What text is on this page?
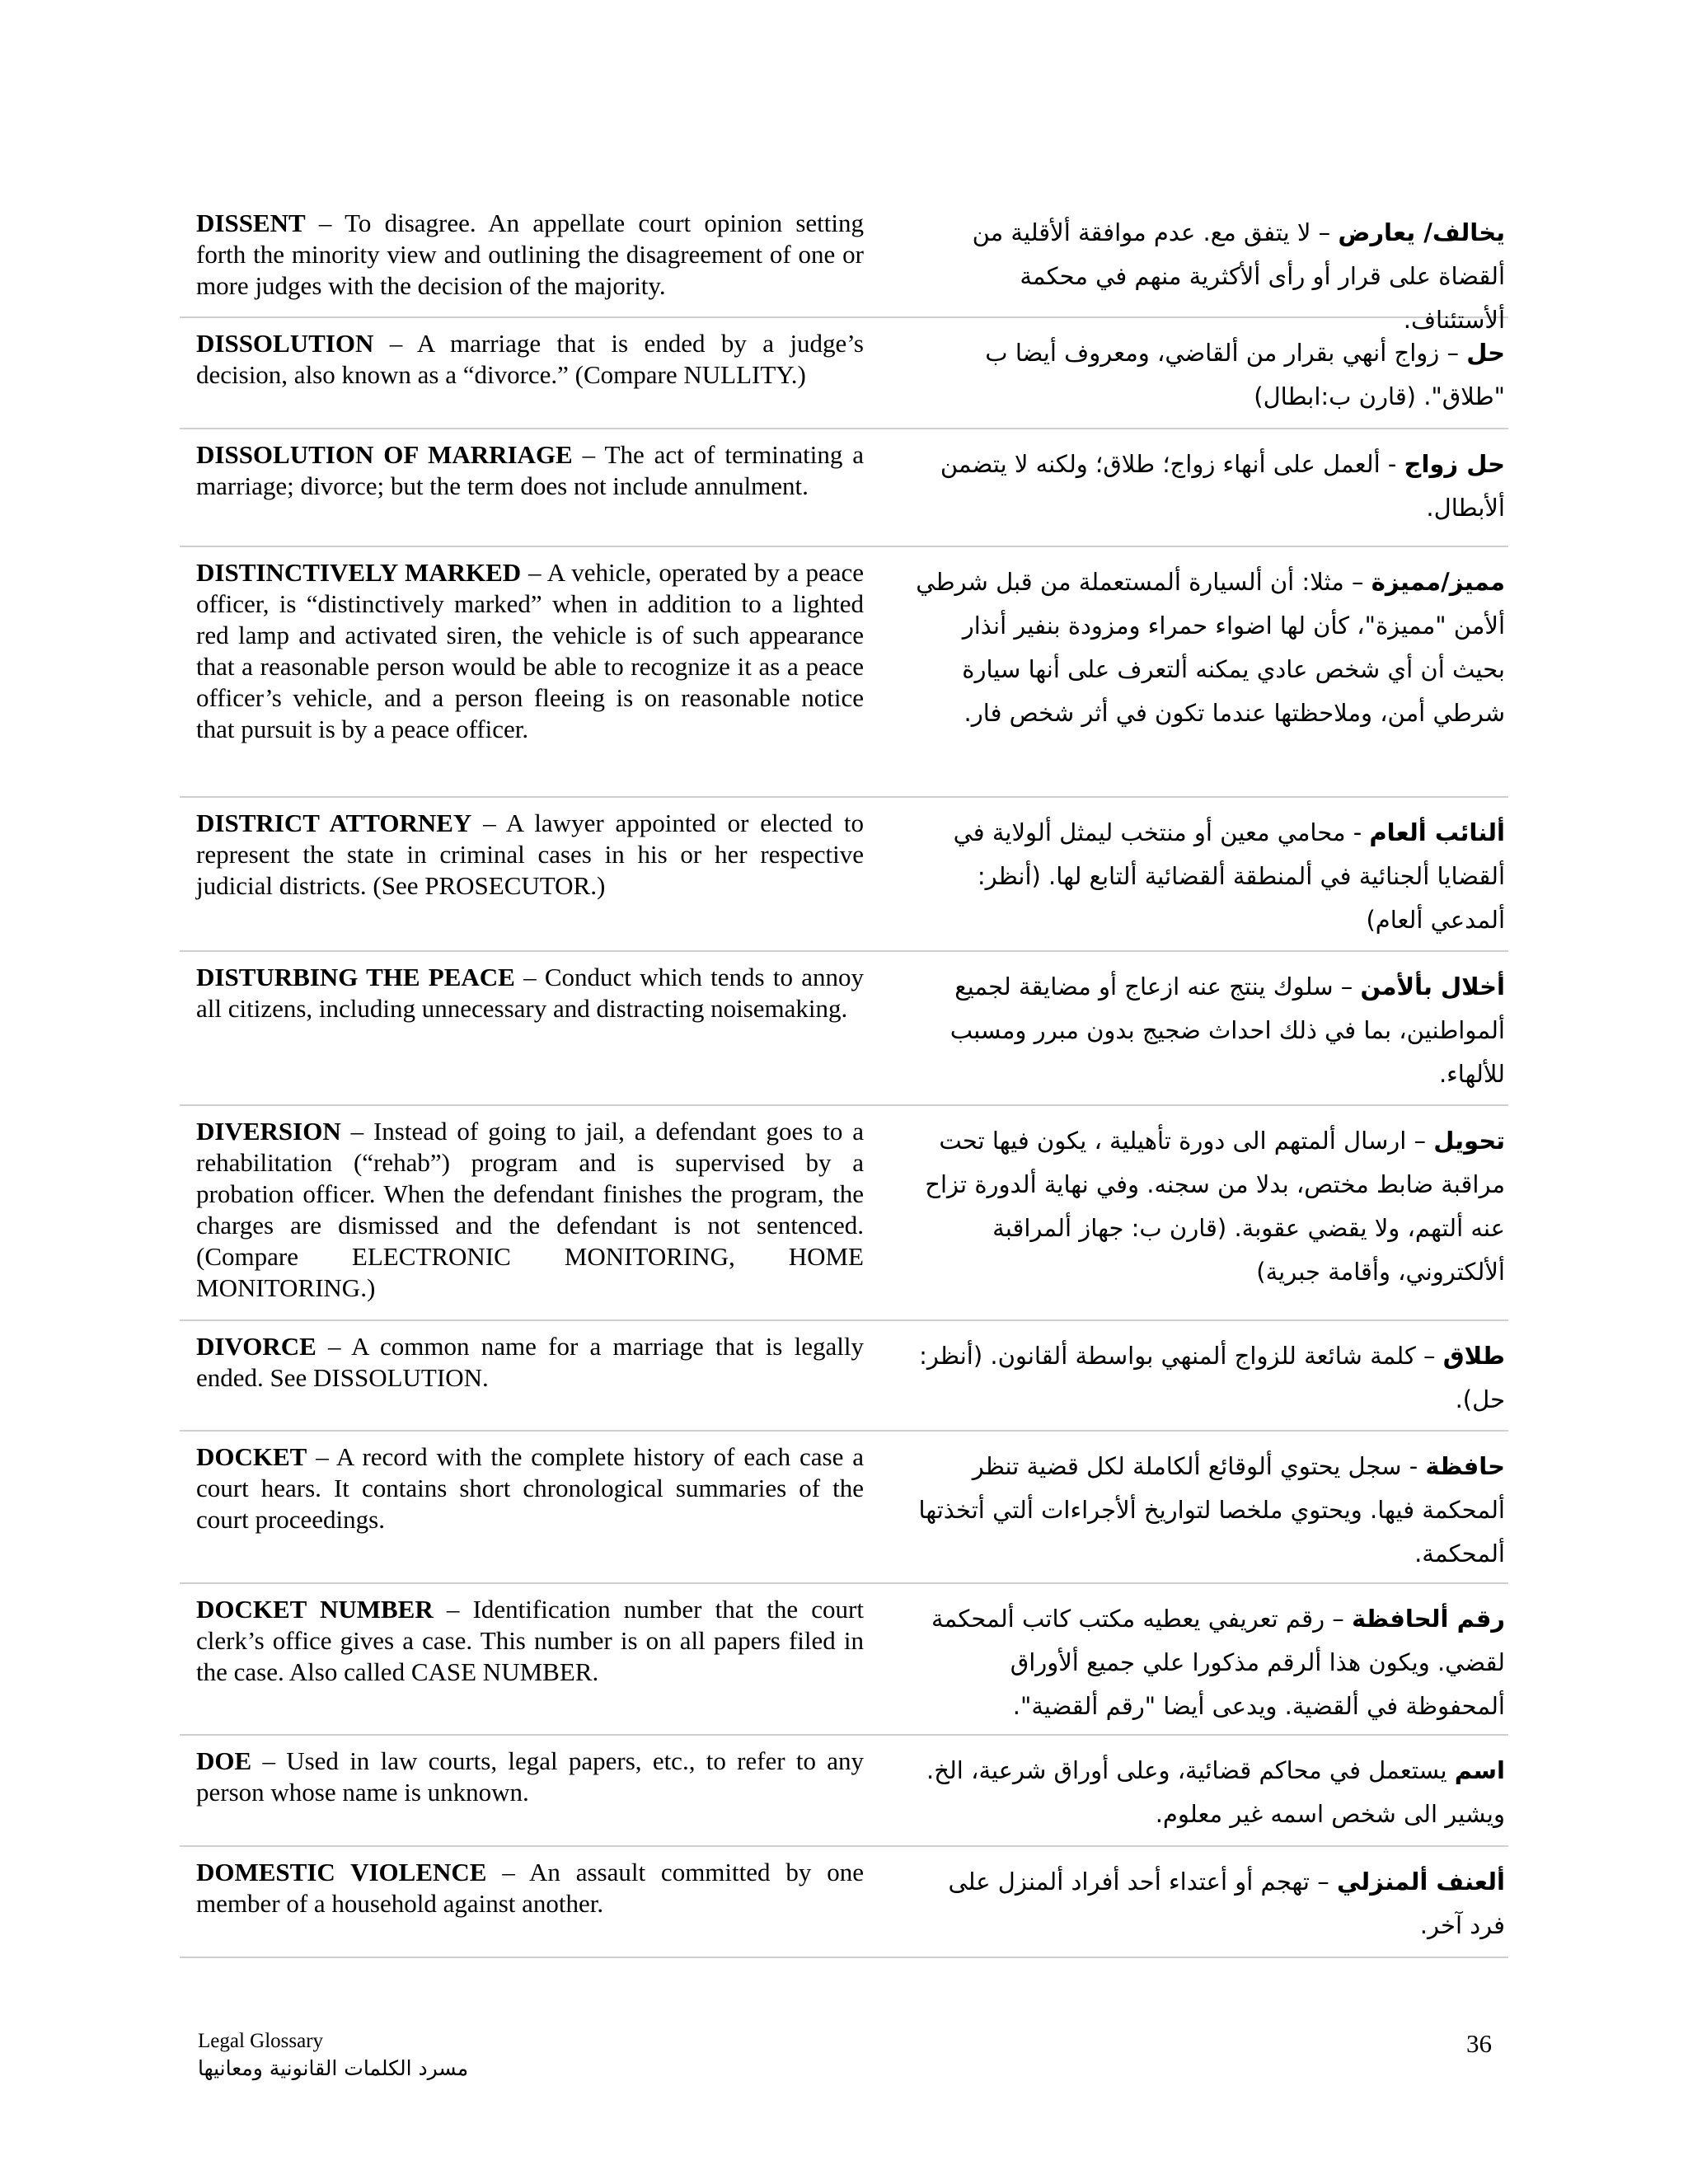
DISSENT – To disagree. An appellate court opinion setting forth the minority view and outlining the disagreement of one or more judges with the decision of the majority.
يخالف/ يعارض – لا يتفق مع. عدم موافقة ألأقلية من ألقضاة على قرار أو رأى ألأكثرية منهم في محكمة ألأستئناف.
DISSOLUTION – A marriage that is ended by a judge’s decision, also known as a “divorce.” (Compare NULLITY.)
حل – زواج أنهي بقرار من ألقاضي، ومعروف أيضا ب "طلاق". (قارن ب:ابطال)
DISSOLUTION OF MARRIAGE – The act of terminating a marriage; divorce; but the term does not include annulment.
حل زواج - ألعمل على أنهاء زواج؛ طلاق؛ ولكنه لا يتضمن ألأبطال.
DISTINCTIVELY MARKED – A vehicle, operated by a peace officer, is “distinctively marked” when in addition to a lighted red lamp and activated siren, the vehicle is of such appearance that a reasonable person would be able to recognize it as a peace officer’s vehicle, and a person fleeing is on reasonable notice that pursuit is by a peace officer.
مميز/مميزة – مثلا: أن ألسيارة ألمستعملة من قبل شرطي ألأمن "مميزة"، كأن لها اضواء حمراء ومزودة بنفير أنذار بحيث أن أي شخص عادي يمكنه ألتعرف على أنها سيارة شرطي أمن، وملاحظتها عندما تكون في أثر شخص فار.
DISTRICT ATTORNEY – A lawyer appointed or elected to represent the state in criminal cases in his or her respective judicial districts. (See PROSECUTOR.)
ألنائب ألعام - محامي معين أو منتخب ليمثل ألولاية في ألقضايا ألجنائية في ألمنطقة ألقضائية ألتابع لها. (أنظر: ألمدعي ألعام)
DISTURBING THE PEACE – Conduct which tends to annoy all citizens, including unnecessary and distracting noisemaking.
أخلال بألأمن – سلوك ينتج عنه ازعاج أو مضايقة لجميع ألمواطنين، بما في ذلك احداث ضجيج بدون مبرر ومسبب للألهاء.
DIVERSION – Instead of going to jail, a defendant goes to a rehabilitation (“rehab”) program and is supervised by a probation officer. When the defendant finishes the program, the charges are dismissed and the defendant is not sentenced. (Compare ELECTRONIC MONITORING, HOME MONITORING.)
تحويل – ارسال ألمتهم الى دورة تأهيلية ، يكون فيها تحت مراقبة ضابط مختص، بدلا من سجنه. وفي نهاية ألدورة تزاح عنه ألتهم، ولا يقضي عقوبة. (قارن ب: جهاز ألمراقبة ألألكتروني، وأقامة جبرية)
DIVORCE – A common name for a marriage that is legally ended. See DISSOLUTION.
طلاق – كلمة شائعة للزواج ألمنهي بواسطة ألقانون. (أنظر: حل).
DOCKET – A record with the complete history of each case a court hears. It contains short chronological summaries of the court proceedings.
حافظة - سجل يحتوي ألوقائع ألكاملة لكل قضية تنظر ألمحكمة فيها. ويحتوي ملخصا لتواريخ ألأجراءات ألتي أتخذتها ألمحكمة.
DOCKET NUMBER – Identification number that the court clerk’s office gives a case. This number is on all papers filed in the case. Also called CASE NUMBER.
رقم ألحافظة – رقم تعريفي يعطيه مكتب كاتب ألمحكمة لقضي. ويكون هذا ألرقم مذكورا علي جميع ألأوراق ألمحفوظة في ألقضية. ويدعى أيضا "رقم ألقضية".
DOE – Used in law courts, legal papers, etc., to refer to any person whose name is unknown.
اسم يستعمل في محاكم قضائية، وعلى أوراق شرعية، الخ. ويشير الى شخص اسمه غير معلوم.
DOMESTIC VIOLENCE – An assault committed by one member of a household against another.
ألعنف ألمنزلي – تهجم أو أعتداء أحد أفراد ألمنزل على فرد آخر.
Legal Glossary
مسرد الكلمات القانونية ومعانيها
36
